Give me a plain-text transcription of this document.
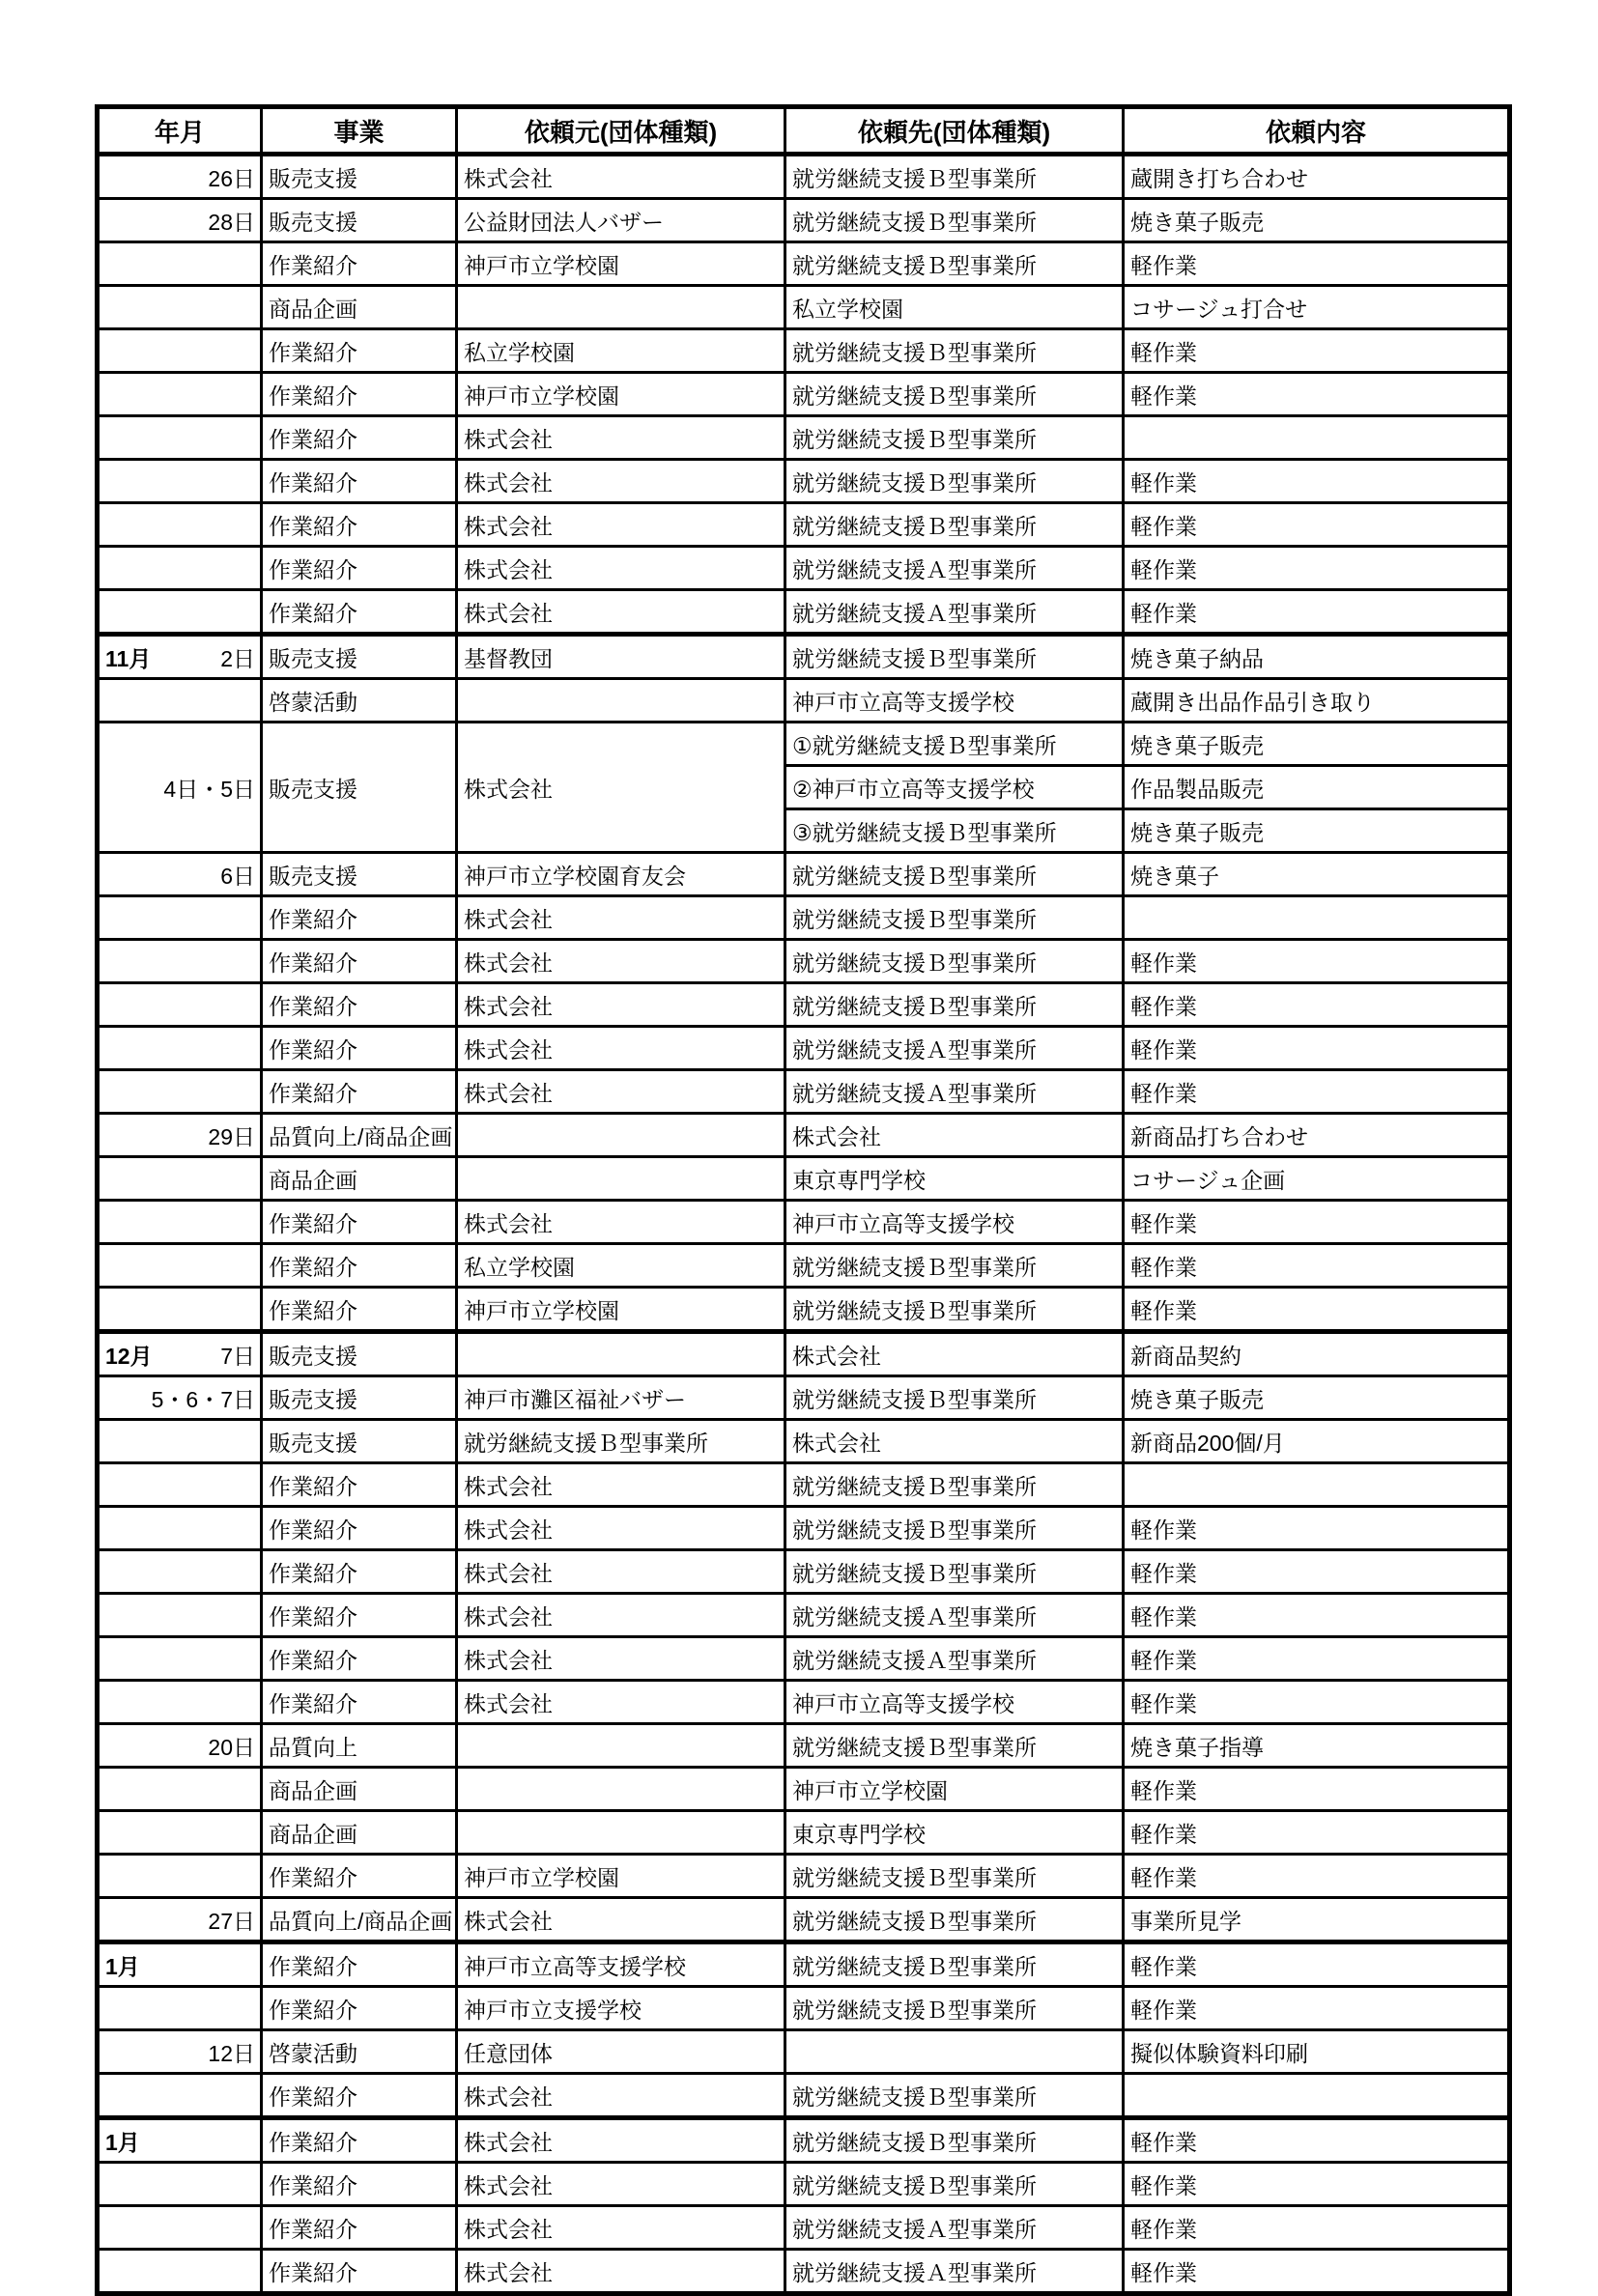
年月	事業	依頼元(団体種類)	依頼先(団体種類)	依頼内容

26日	販売支援	株式会社	就労継続支援Ｂ型事業所	蔵開き打ち合わせ

28日	販売支援	公益財団法人バザー	就労継続支援Ｂ型事業所	焼き菓子販売

	作業紹介	神戸市立学校園	就労継続支援Ｂ型事業所	軽作業

	商品企画		私立学校園	コサージュ打合せ

	作業紹介	私立学校園	就労継続支援Ｂ型事業所	軽作業

	作業紹介	神戸市立学校園	就労継続支援Ｂ型事業所	軽作業

	作業紹介	株式会社	就労継続支援Ｂ型事業所	

	作業紹介	株式会社	就労継続支援Ｂ型事業所	軽作業

	作業紹介	株式会社	就労継続支援Ｂ型事業所	軽作業

	作業紹介	株式会社	就労継続支援Ａ型事業所	軽作業

	作業紹介	株式会社	就労継続支援Ａ型事業所	軽作業

11月 2日	販売支援	基督教団	就労継続支援Ｂ型事業所	焼き菓子納品

	啓蒙活動		神戸市立高等支援学校	蔵開き出品作品引き取り

4日・5日	販売支援	株式会社	①就労継続支援Ｂ型事業所	焼き菓子販売
			②神戸市立高等支援学校	作品製品販売
			③就労継続支援Ｂ型事業所	焼き菓子販売

6日	販売支援	神戸市立学校園育友会	就労継続支援Ｂ型事業所	焼き菓子

	作業紹介	株式会社	就労継続支援Ｂ型事業所	

	作業紹介	株式会社	就労継続支援Ｂ型事業所	軽作業

	作業紹介	株式会社	就労継続支援Ｂ型事業所	軽作業

	作業紹介	株式会社	就労継続支援Ａ型事業所	軽作業

	作業紹介	株式会社	就労継続支援Ａ型事業所	軽作業

29日	品質向上/商品企画		株式会社	新商品打ち合わせ

	商品企画		東京専門学校	コサージュ企画

	作業紹介	株式会社	神戸市立高等支援学校	軽作業

	作業紹介	私立学校園	就労継続支援Ｂ型事業所	軽作業

	作業紹介	神戸市立学校園	就労継続支援Ｂ型事業所	軽作業

12月 7日	販売支援		株式会社	新商品契約

5・6・7日	販売支援	神戸市灘区福祉バザー	就労継続支援Ｂ型事業所	焼き菓子販売

	販売支援	就労継続支援Ｂ型事業所	株式会社	新商品200個/月

	作業紹介	株式会社	就労継続支援Ｂ型事業所	

	作業紹介	株式会社	就労継続支援Ｂ型事業所	軽作業

	作業紹介	株式会社	就労継続支援Ｂ型事業所	軽作業

	作業紹介	株式会社	就労継続支援Ａ型事業所	軽作業

	作業紹介	株式会社	就労継続支援Ａ型事業所	軽作業

	作業紹介	株式会社	神戸市立高等支援学校	軽作業

20日	品質向上		就労継続支援Ｂ型事業所	焼き菓子指導

	商品企画		神戸市立学校園	軽作業

	商品企画		東京専門学校	軽作業

	作業紹介	神戸市立学校園	就労継続支援Ｂ型事業所	軽作業

27日	品質向上/商品企画	株式会社	就労継続支援Ｂ型事業所	事業所見学

1月	作業紹介	神戸市立高等支援学校	就労継続支援Ｂ型事業所	軽作業

	作業紹介	神戸市立支援学校	就労継続支援Ｂ型事業所	軽作業

12日	啓蒙活動	任意団体		擬似体験資料印刷

	作業紹介	株式会社	就労継続支援Ｂ型事業所	

1月	作業紹介	株式会社	就労継続支援Ｂ型事業所	軽作業

	作業紹介	株式会社	就労継続支援Ｂ型事業所	軽作業

	作業紹介	株式会社	就労継続支援Ａ型事業所	軽作業

	作業紹介	株式会社	就労継続支援Ａ型事業所	軽作業
